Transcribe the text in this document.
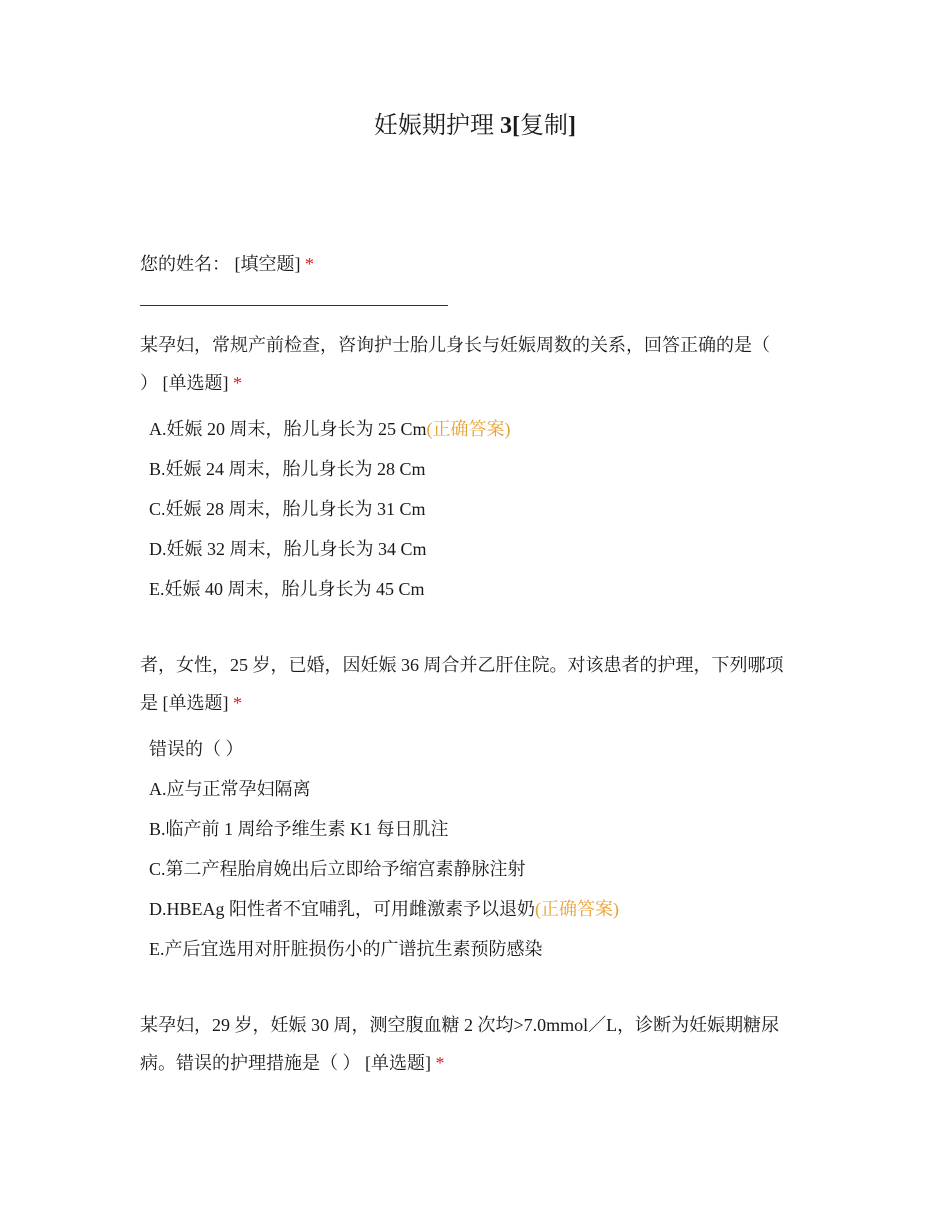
妊娠期护理 3[复制]
您的姓名： [填空题] *
某孕妇，常规产前检查，咨询护士胎儿身长与妊娠周数的关系，回答正确的是（
） [单选题] *
A.妊娠 20 周末，胎儿身长为 25 Cm(正确答案)
B.妊娠 24 周末，胎儿身长为 28 Cm
C.妊娠 28 周末，胎儿身长为 31 Cm
D.妊娠 32 周末，胎儿身长为 34 Cm
E.妊娠 40 周末，胎儿身长为 45 Cm
者，女性，25 岁，已婚，因妊娠 36 周合并乙肝住院。对该患者的护理，下列哪项
是 [单选题] *
错误的（ ）
A.应与正常孕妇隔离
B.临产前 1 周给予维生素 K1 每日肌注
C.第二产程胎肩娩出后立即给予缩宫素静脉注射
D.HBEAg 阳性者不宜哺乳，可用雌激素予以退奶(正确答案)
E.产后宜选用对肝脏损伤小的广谱抗生素预防感染
某孕妇，29 岁，妊娠 30 周，测空腹血糖 2 次均>7.0mmol／L，诊断为妊娠期糖尿
病。错误的护理措施是（ ） [单选题] *
